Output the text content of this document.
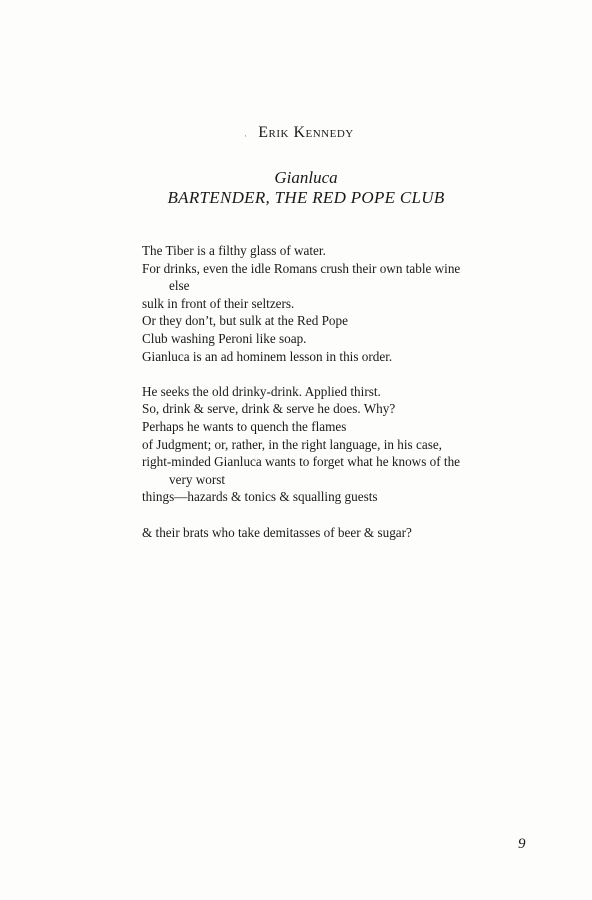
· Erik Kennedy
Gianluca
BARTENDER, THE RED POPE CLUB
The Tiber is a filthy glass of water.
For drinks, even the idle Romans crush their own table wine
else
sulk in front of their seltzers.
Or they don’t, but sulk at the Red Pope
Club washing Peroni like soap.
Gianluca is an ad hominem lesson in this order.
He seeks the old drinky-drink. Applied thirst.
So, drink & serve, drink & serve he does. Why?
Perhaps he wants to quench the flames
of Judgment; or, rather, in the right language, in his case,
right-minded Gianluca wants to forget what he knows of the
very worst
things—hazards & tonics & squalling guests
& their brats who take demitasses of beer & sugar?
9
